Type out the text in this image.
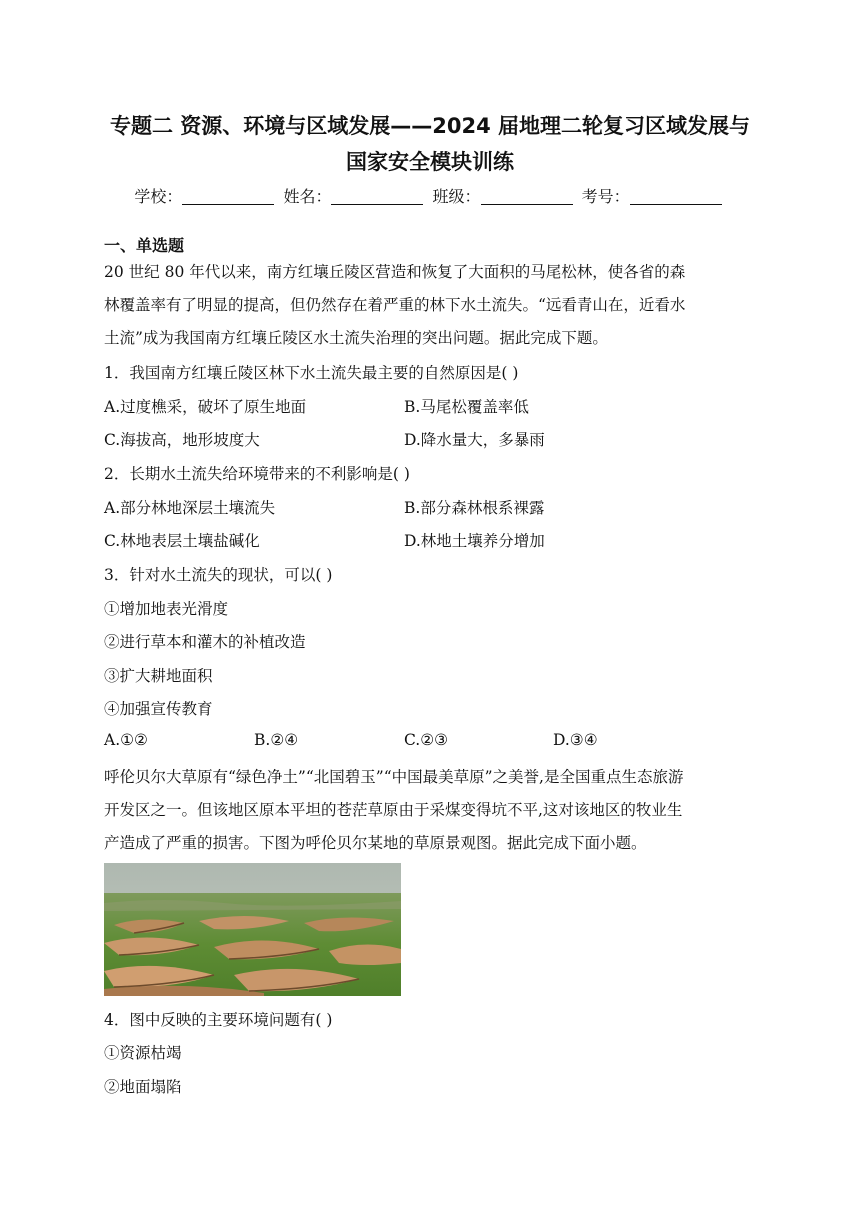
专题二 资源、环境与区域发展——2024 届地理二轮复习区域发展与
国家安全模块训练
学校：	姓名：	班级：	考号：
一、单选题
20 世纪 80 年代以来，南方红壤丘陵区营造和恢复了大面积的马尾松林，使各省的森
林覆盖率有了明显的提高，但仍然存在着严重的林下水土流失。“远看青山在，近看水
土流”成为我国南方红壤丘陵区水土流失治理的突出问题。据此完成下题。
1．我国南方红壤丘陵区林下水土流失最主要的自然原因是( )
A.过度樵采，破坏了原生地面	B.马尾松覆盖率低
C.海拔高，地形坡度大	D.降水量大，多暴雨
2．长期水土流失给环境带来的不利影响是( )
A.部分林地深层土壤流失	B.部分森林根系裸露
C.林地表层土壤盐碱化	D.林地土壤养分增加
3．针对水土流失的现状，可以( )
①增加地表光滑度
②进行草本和灌木的补植改造
③扩大耕地面积
④加强宣传教育
A.①②	B.②④	C.②③	D.③④
呼伦贝尔大草原有“绿色净土”“北国碧玉”“中国最美草原”之美誉,是全国重点生态旅游
开发区之一。但该地区原本平坦的苍茫草原由于采煤变得坑不平,这对该地区的牧业生
产造成了严重的损害。下图为呼伦贝尔某地的草原景观图。据此完成下面小题。
4．图中反映的主要环境问题有( )
①资源枯竭
②地面塌陷
